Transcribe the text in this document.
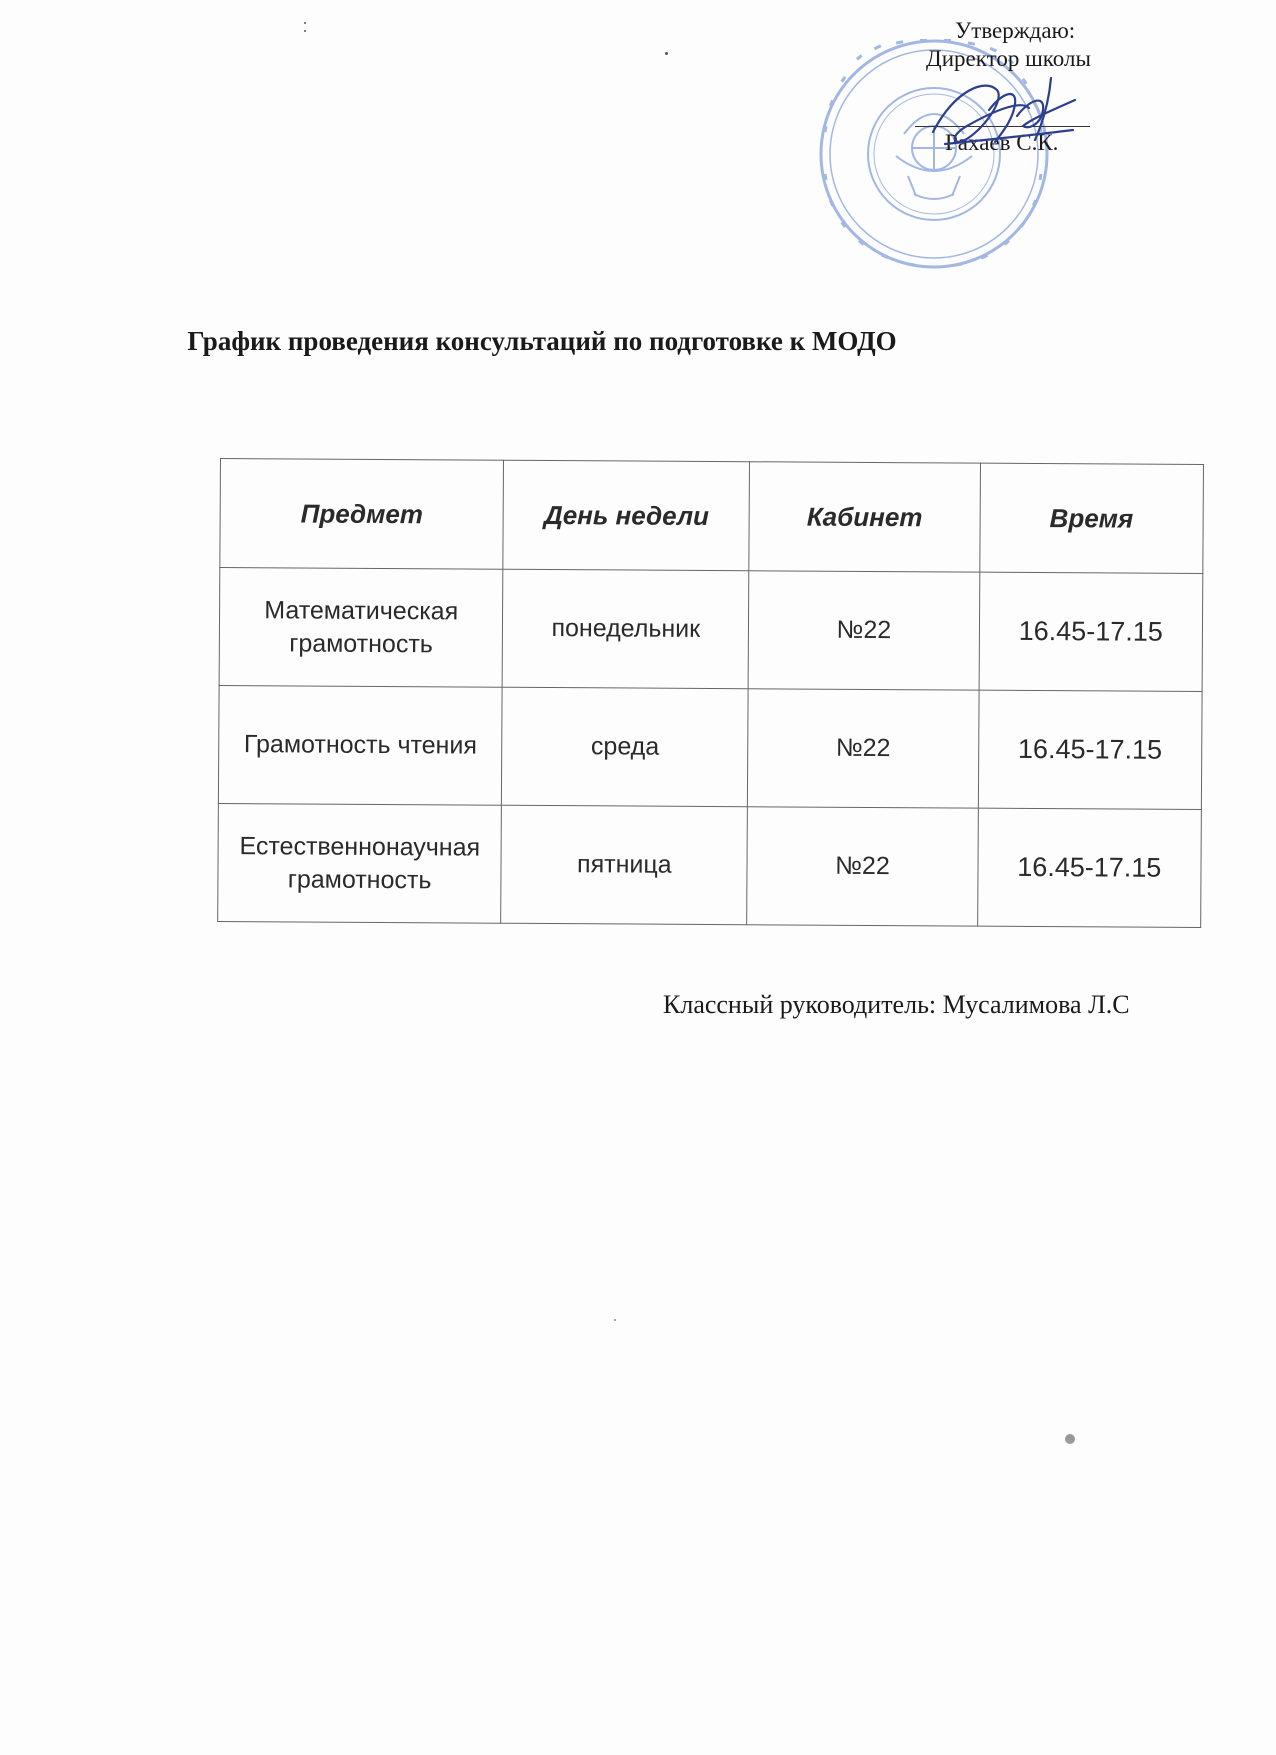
Утверждаю:
Директор школы
Рахаев С.К.
График проведения консультаций по подготовке к МОДО
Предмет	День недели	Кабинет	Время
Математическая
грамотность	понедельник	№22	16.45-17.15
Грамотность чтения	среда	№22	16.45-17.15
Естественнонаучная
грамотность	пятница	№22	16.45-17.15
Классный руководитель: Мусалимова Л.С
